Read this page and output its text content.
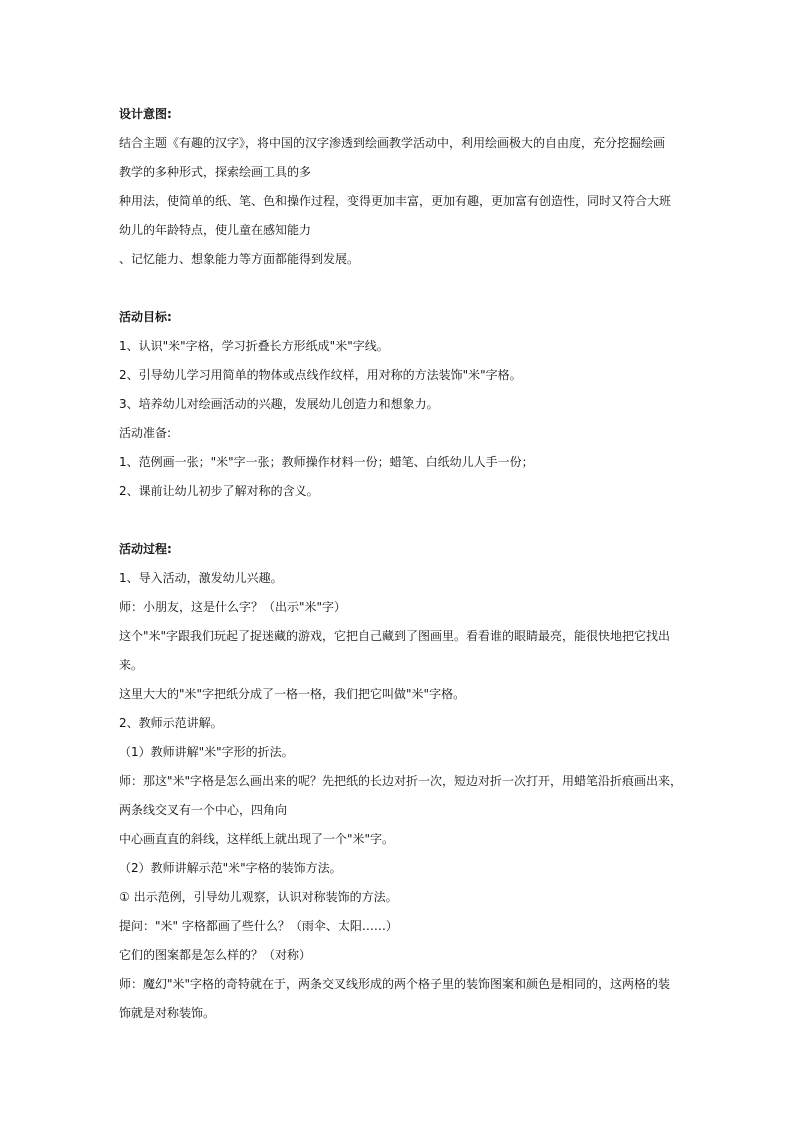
设计意图:
结合主题《有趣的汉字》，将中国的汉字渗透到绘画教学活动中，利用绘画极大的自由度，充分挖掘绘画
教学的多种形式，探索绘画工具的多
种用法，使简单的纸、笔、色和操作过程，变得更加丰富，更加有趣，更加富有创造性，同时又符合大班
幼儿的年龄特点，使儿童在感知能力
、记忆能力、想象能力等方面都能得到发展。
活动目标:
1、认识"米"字格，学习折叠长方形纸成"米"字线。
2、引导幼儿学习用简单的物体或点线作纹样，用对称的方法装饰"米"字格。
3、培养幼儿对绘画活动的兴趣，发展幼儿创造力和想象力。
活动准备:
1、范例画一张；"米"字一张；教师操作材料一份；蜡笔、白纸幼儿人手一份；
2、课前让幼儿初步了解对称的含义。
活动过程:
1、导入活动，激发幼儿兴趣。
师：小朋友，这是什么字？（出示"米"字）
这个"米"字跟我们玩起了捉迷藏的游戏，它把自己藏到了图画里。看看谁的眼睛最亮，能很快地把它找出
来。
这里大大的"米"字把纸分成了一格一格，我们把它叫做"米"字格。
2、教师示范讲解。
（1）教师讲解"米"字形的折法。
师：那这"米"字格是怎么画出来的呢？先把纸的长边对折一次，短边对折一次打开，用蜡笔沿折痕画出来，
两条线交叉有一个中心，四角向
中心画直直的斜线，这样纸上就出现了一个"米"字。
（2）教师讲解示范"米"字格的装饰方法。
① 出示范例，引导幼儿观察，认识对称装饰的方法。
提问："米" 字格都画了些什么？（雨伞、太阳……）
它们的图案都是怎么样的？（对称）
师：魔幻"米"字格的奇特就在于，两条交叉线形成的两个格子里的装饰图案和颜色是相同的，这两格的装
饰就是对称装饰。
